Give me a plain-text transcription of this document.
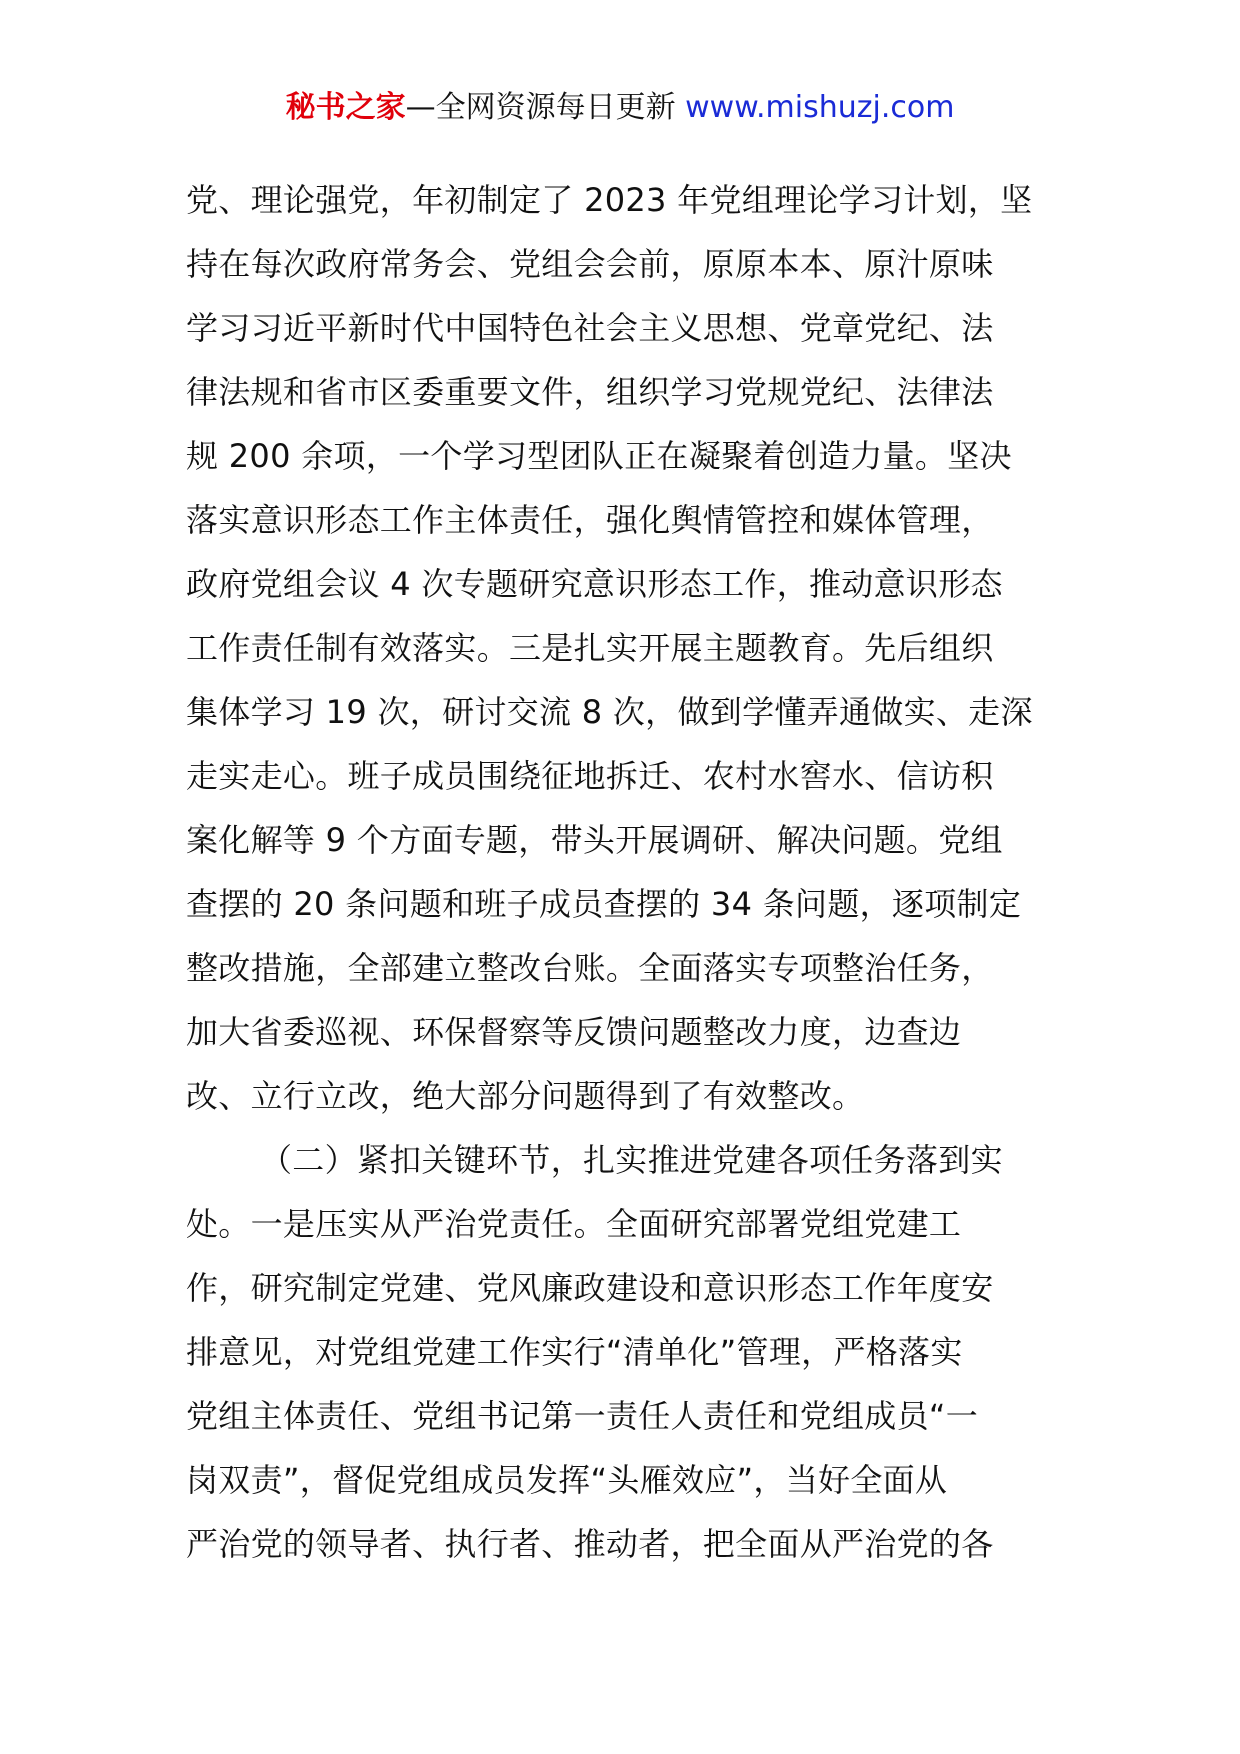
秘书之家—全网资源每日更新 www.mishuzj.com
党、理论强党，年初制定了 2023 年党组理论学习计划，坚
持在每次政府常务会、党组会会前，原原本本、原汁原味
学习习近平新时代中国特色社会主义思想、党章党纪、法
律法规和省市区委重要文件，组织学习党规党纪、法律法
规 200 余项，一个学习型团队正在凝聚着创造力量。坚决
落实意识形态工作主体责任，强化舆情管控和媒体管理，
政府党组会议 4 次专题研究意识形态工作，推动意识形态
工作责任制有效落实。三是扎实开展主题教育。先后组织
集体学习 19 次，研讨交流 8 次，做到学懂弄通做实、走深
走实走心。班子成员围绕征地拆迁、农村水窖水、信访积
案化解等 9 个方面专题，带头开展调研、解决问题。党组
查摆的 20 条问题和班子成员查摆的 34 条问题，逐项制定
整改措施，全部建立整改台账。全面落实专项整治任务，
加大省委巡视、环保督察等反馈问题整改力度，边查边
改、立行立改，绝大部分问题得到了有效整改。
（二）紧扣关键环节，扎实推进党建各项任务落到实
处。一是压实从严治党责任。全面研究部署党组党建工
作，研究制定党建、党风廉政建设和意识形态工作年度安
排意见，对党组党建工作实行“清单化”管理，严格落实
党组主体责任、党组书记第一责任人责任和党组成员“一
岗双责”，督促党组成员发挥“头雁效应”，当好全面从
严治党的领导者、执行者、推动者，把全面从严治党的各
